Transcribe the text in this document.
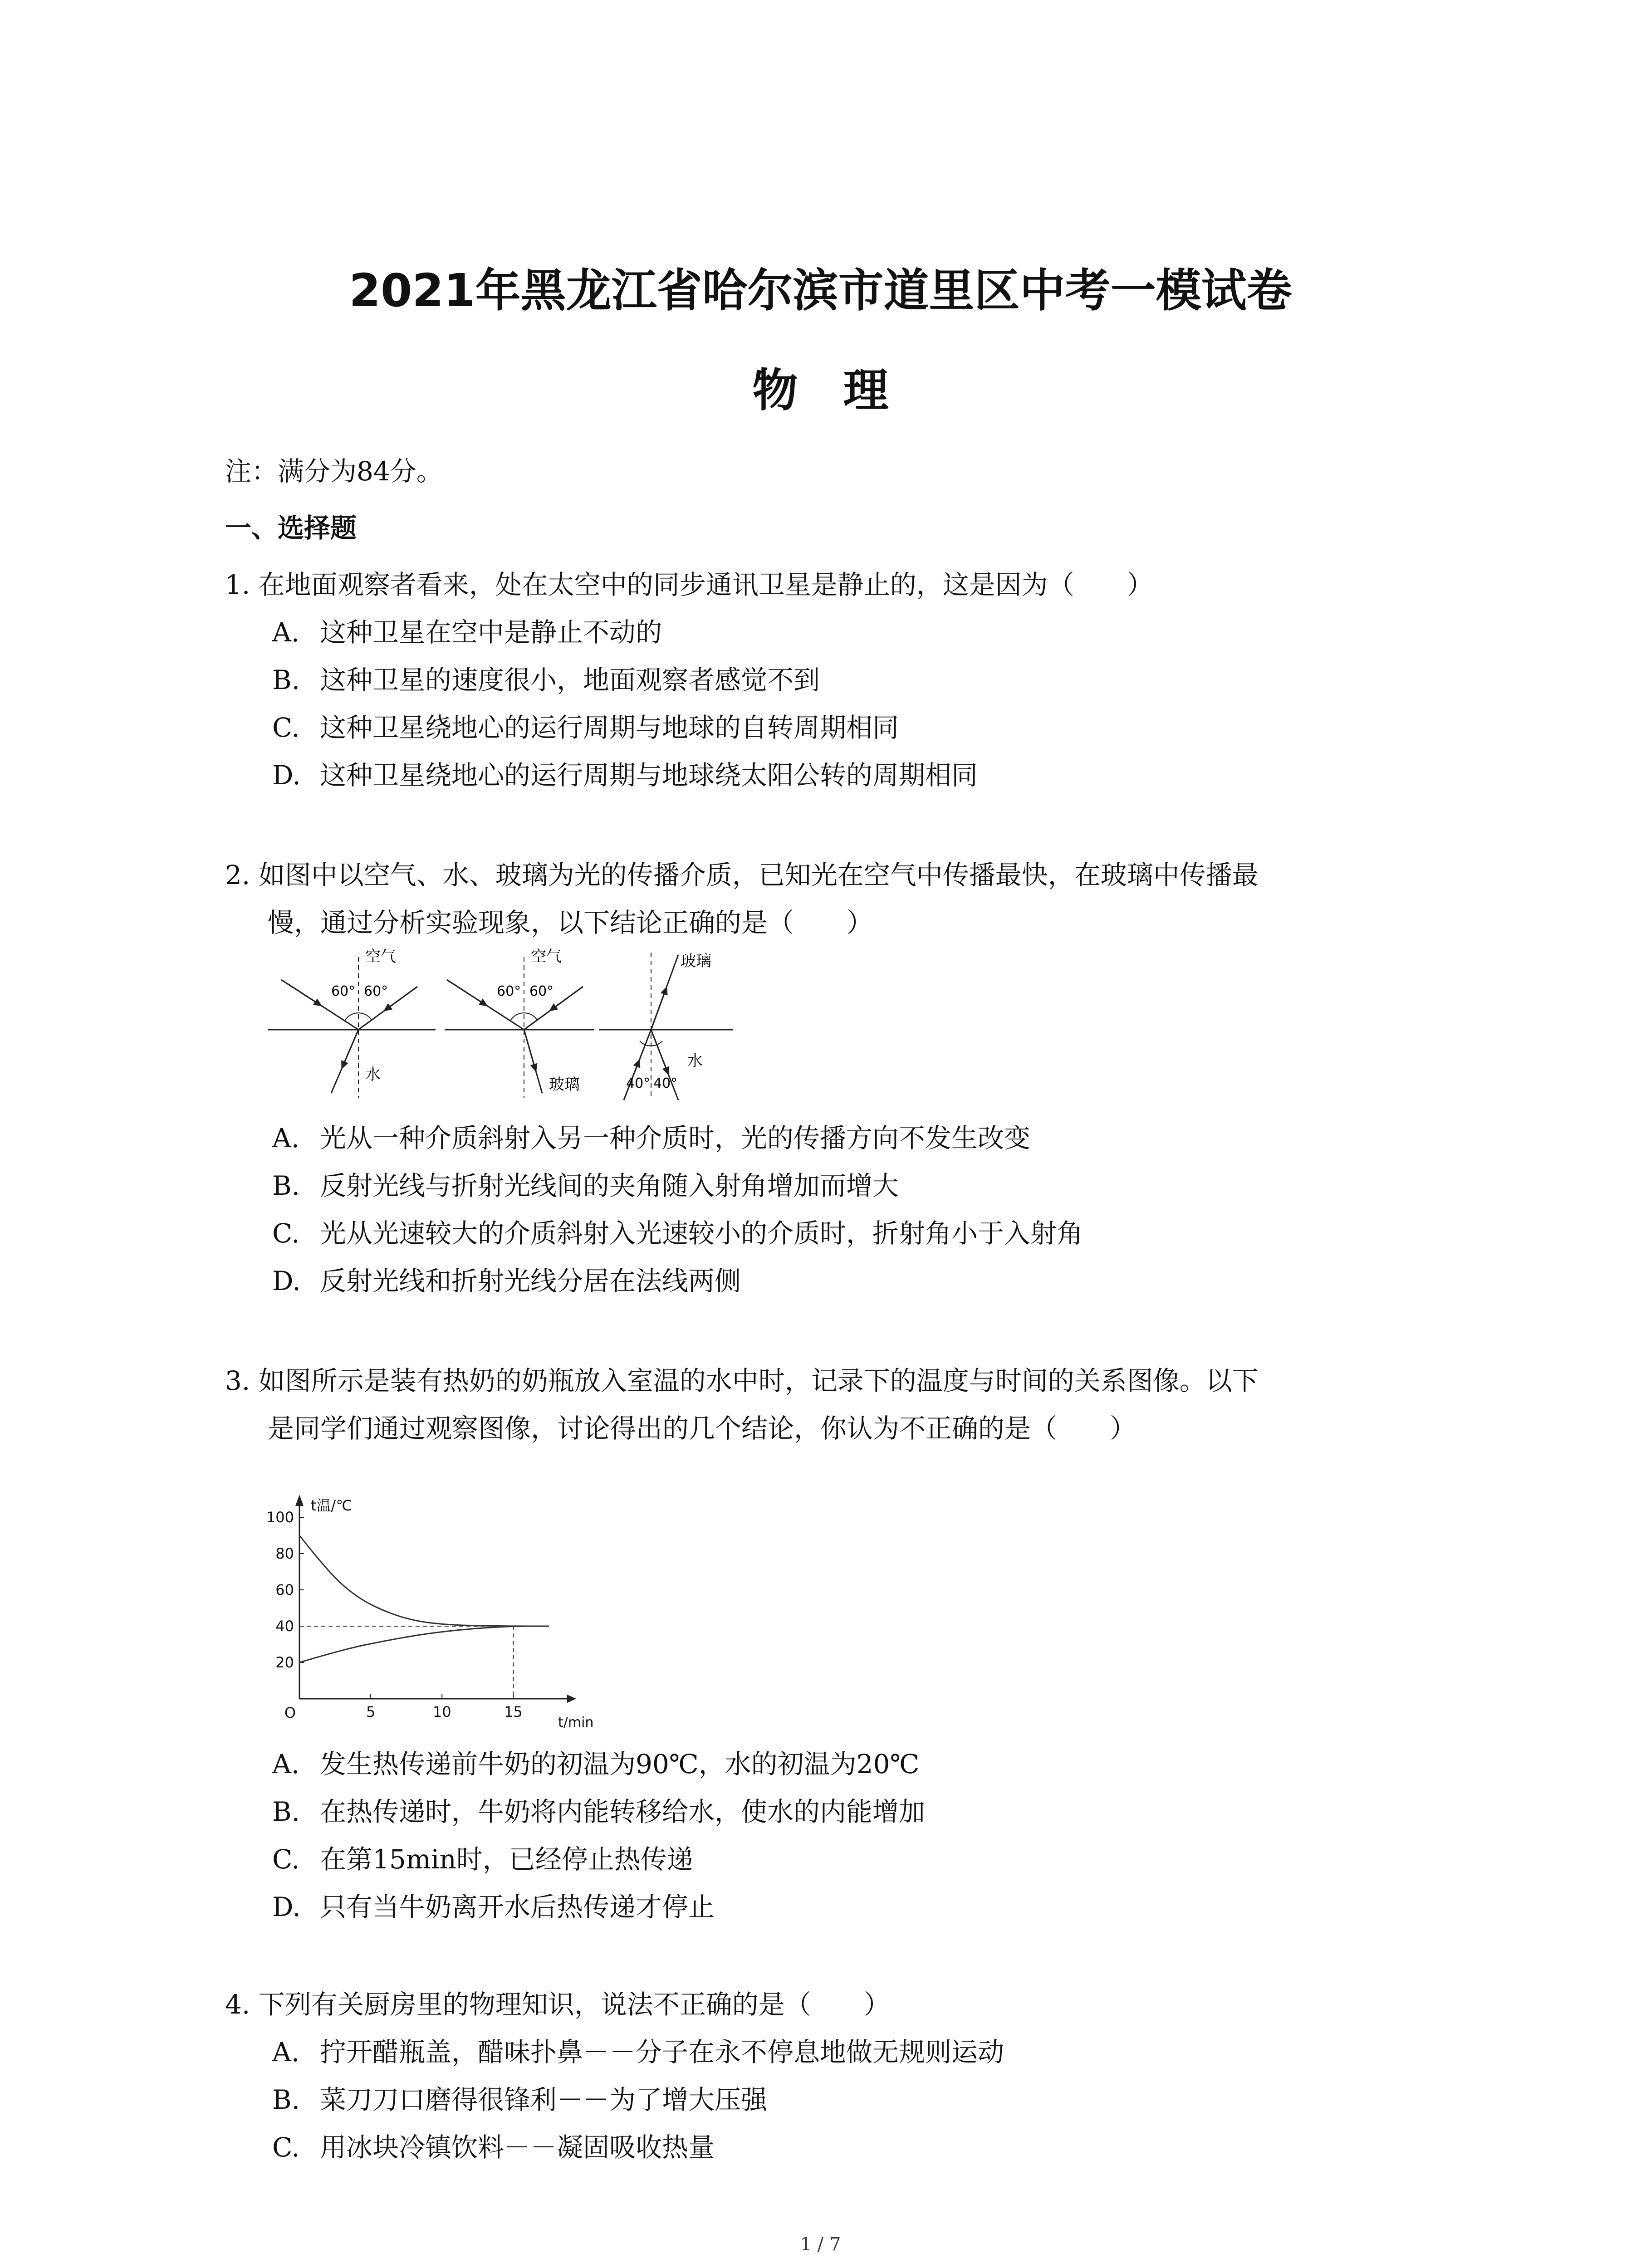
2021年黑龙江省哈尔滨市道里区中考一模试卷
物　理
注：满分为84分。
一、选择题
1. 在地面观察者看来，处在太空中的同步通讯卫星是静止的，这是因为（　　）
A. 这种卫星在空中是静止不动的
B. 这种卫星的速度很小，地面观察者感觉不到
C. 这种卫星绕地心的运行周期与地球的自转周期相同
D. 这种卫星绕地心的运行周期与地球绕太阳公转的周期相同
2. 如图中以空气、水、玻璃为光的传播介质，已知光在空气中传播最快，在玻璃中传播最
慢，通过分析实验现象，以下结论正确的是（　　）
空气
60° 60°
水
空气
60° 60°
玻璃
玻璃
水
40° 40°
A. 光从一种介质斜射入另一种介质时，光的传播方向不发生改变
B. 反射光线与折射光线间的夹角随入射角增加而增大
C. 光从光速较大的介质斜射入光速较小的介质时，折射角小于入射角
D. 反射光线和折射光线分居在法线两侧
3. 如图所示是装有热奶的奶瓶放入室温的水中时，记录下的温度与时间的关系图像。以下
是同学们通过观察图像，讨论得出的几个结论，你认为不正确的是（　　）
20
40
60
80
100
5	10	15
O
t温/℃
t/min
A. 发生热传递前牛奶的初温为90℃，水的初温为20℃
B. 在热传递时，牛奶将内能转移给水，使水的内能增加
C. 在第15min时，已经停止热传递
D. 只有当牛奶离开水后热传递才停止
4. 下列有关厨房里的物理知识，说法不正确的是（　　）
A. 拧开醋瓶盖，醋味扑鼻－－分子在永不停息地做无规则运动
B. 菜刀刀口磨得很锋利－－为了增大压强
C. 用冰块冷镇饮料－－凝固吸收热量
1 / 7
